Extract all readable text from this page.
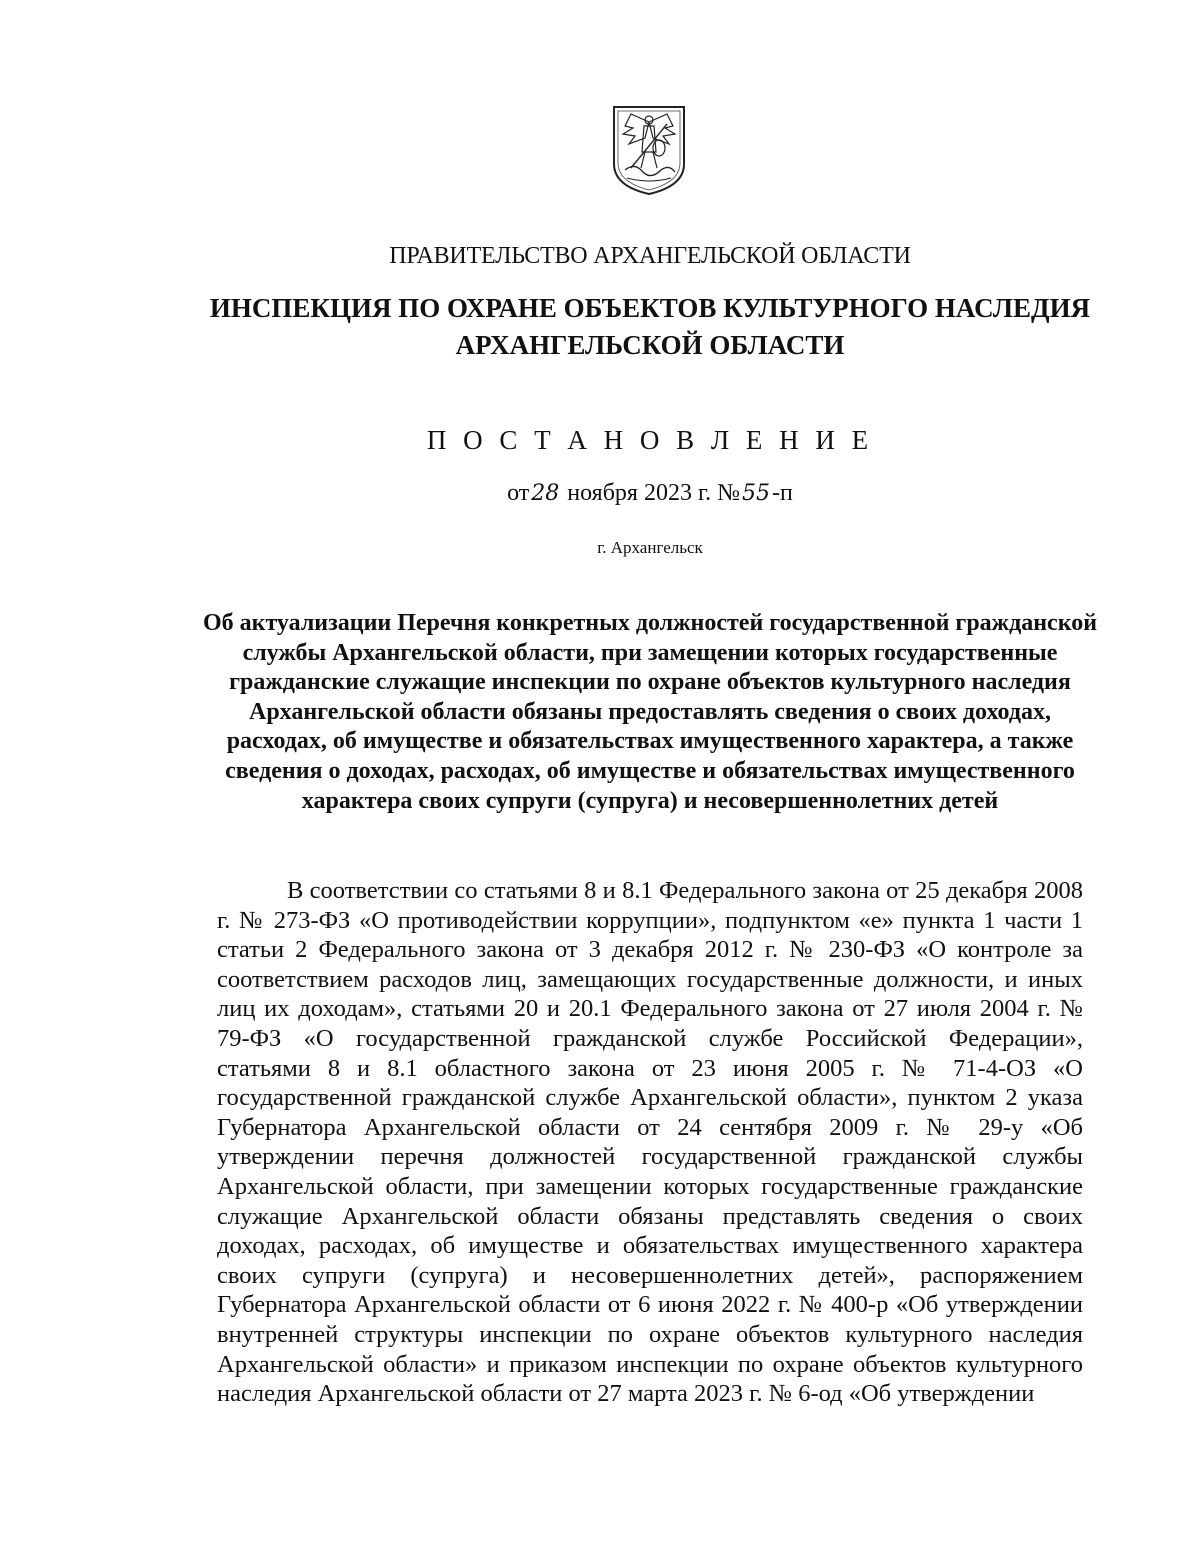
ПРАВИТЕЛЬСТВО АРХАНГЕЛЬСКОЙ ОБЛАСТИ
ИНСПЕКЦИЯ ПО ОХРАНЕ ОБЪЕКТОВ КУЛЬТУРНОГО НАСЛЕДИЯ
АРХАНГЕЛЬСКОЙ ОБЛАСТИ
П О С Т А Н О В Л Е Н И Е
от28 ноября 2023 г. №55-п
г. Архангельск
Об актуализации Перечня конкретных должностей государственной гражданской службы Архангельской области, при замещении которых государственные гражданские служащие инспекции по охране объектов культурного наследия Архангельской области обязаны предоставлять сведения о своих доходах, расходах, об имуществе и обязательствах имущественного характера, а также сведения о доходах, расходах, об имуществе и обязательствах имущественного характера своих супруги (супруга) и несовершеннолетних детей

В соответствии со статьями 8 и 8.1 Федерального закона от 25 декабря 2008 г. № 273-ФЗ «О противодействии коррупции», подпунктом «е» пункта 1 части 1 статьи 2 Федерального закона от 3 декабря 2012 г. № 230-ФЗ «О контроле за соответствием расходов лиц, замещающих государственные должности, и иных лиц их доходам», статьями 20 и 20.1 Федерального закона от 27 июля 2004 г. № 79-ФЗ «О государственной гражданской службе Российской Федерации», статьями 8 и 8.1 областного закона от 23 июня 2005 г. № 71-4-ОЗ «О государственной гражданской службе Архангельской области», пунктом 2 указа Губернатора Архангельской области от 24 сентября 2009 г. № 29-у «Об утверждении перечня должностей государственной гражданской службы Архангельской области, при замещении которых государственные гражданские служащие Архангельской области обязаны представлять сведения о своих доходах, расходах, об имуществе и обязательствах имущественного характера своих супруги (супруга) и несовершеннолетних детей», распоряжением Губернатора Архангельской области от 6 июня 2022 г. № 400-р «Об утверждении внутренней структуры инспекции по охране объектов культурного наследия Архангельской области» и приказом инспекции по охране объектов культурного наследия Архангельской области от 27 марта 2023 г. № 6-од «Об утверждении
